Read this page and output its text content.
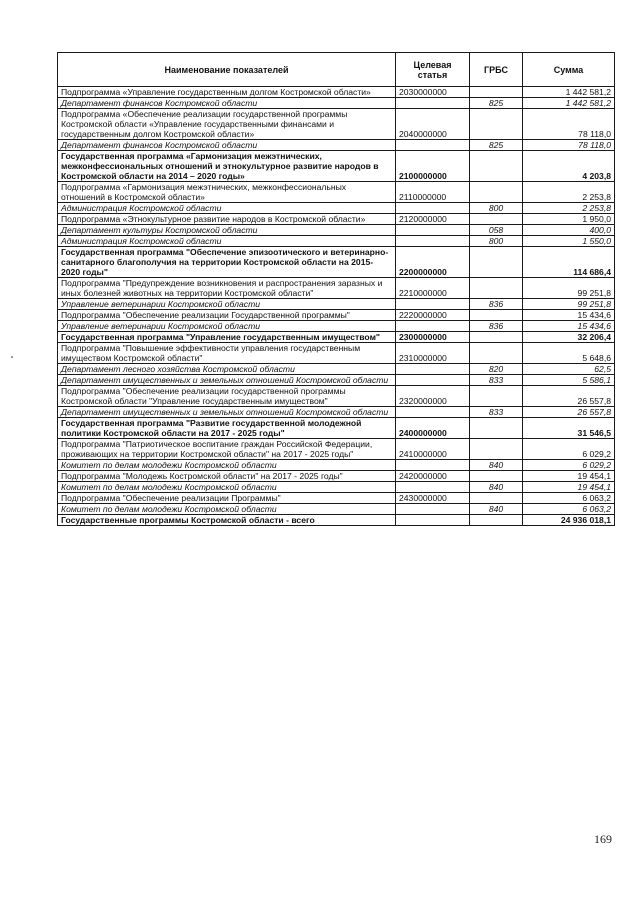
Наименование показателей	Целевая статья	ГРБС	Сумма
Подпрограмма «Управление государственным долгом Костромской области»	2030000000		1 442 581,2
Департамент финансов Костромской области		825	1 442 581,2
Подпрограмма «Обеспечение реализации государственной программы Костромской области «Управление государственными финансами и государственным долгом Костромской области»	2040000000		78 118,0
Департамент финансов Костромской области		825	78 118,0
Государственная программа «Гармонизация межэтнических, межконфессиональных отношений и этнокультурное развитие народов в Костромской области на 2014 – 2020 годы»	2100000000		4 203,8
Подпрограмма «Гармонизация межэтнических, межконфессиональных отношений в Костромской области»	2110000000		2 253,8
Администрация Костромской области		800	2 253,8
Подпрограмма «Этнокультурное развитие народов в Костромской области»	2120000000		1 950,0
Департамент культуры Костромской области		058	400,0
Администрация Костромской области		800	1 550,0
Государственная программа "Обеспечение эпизоотического и ветеринарно-санитарного благополучия на территории Костромской области на 2015-2020 годы"	2200000000		114 686,4
Подпрограмма "Предупреждение возникновения и распространения заразных и иных болезней животных на территории Костромской области"	2210000000		99 251,8
Управление ветеринарии Костромской области		836	99 251,8
Подпрограмма "Обеспечение реализации Государственной программы"	2220000000		15 434,6
Управление ветеринарии Костромской области		836	15 434,6
Государственная программа "Управление государственным имуществом"	2300000000		32 206,4
Подпрограмма "Повышение эффективности управления государственным имуществом Костромской области"	2310000000		5 648,6
Департамент лесного хозяйства Костромской области		820	62,5
Департамент имущественных и земельных отношений Костромской области		833	5 586,1
Подпрограмма "Обеспечение реализации государственной программы Костромской области "Управление государственным имуществом"	2320000000		26 557,8
Департамент имущественных и земельных отношений Костромской области		833	26 557,8
Государственная программа "Развитие государственной молодежной политики Костромской области на 2017 - 2025 годы"	2400000000		31 546,5
Подпрограмма "Патриотическое воспитание граждан Российской Федерации, проживающих на территории Костромской области" на 2017 - 2025 годы"	2410000000		6 029,2
Комитет по делам молодежи Костромской области		840	6 029,2
Подпрограмма "Молодежь Костромской области" на 2017 - 2025 годы"	2420000000		19 454,1
Комитет по делам молодежи Костромской области		840	19 454,1
Подпрограмма "Обеспечение реализации Программы"	2430000000		6 063,2
Комитет по делам молодежи Костромской области		840	6 063,2
Государственные программы Костромской области - всего			24 936 018,1
169
